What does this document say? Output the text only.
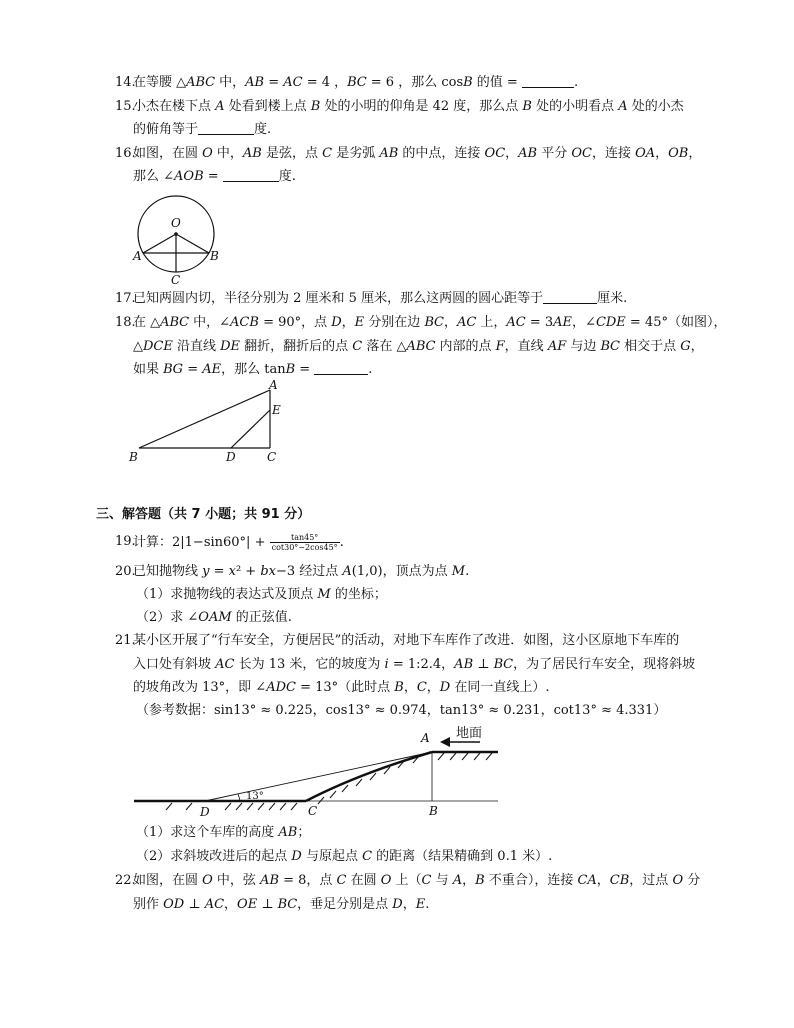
14.
在等腰 △𝐴𝐵𝐶 中，𝐴𝐵 = 𝐴𝐶 = 4 ，𝐵𝐶 = 6 ，那么 cos𝐵 的值 =	.
15.
小杰在楼下点 𝐴 处看到楼上点 𝐵 处的小明的仰角是 42 度，那么点 𝐵 处的小明看点 𝐴 处的小杰
的俯角等于	度.
16.
如图，在圆 𝑂 中，𝐴𝐵 是弦，点 𝐶 是劣弧 𝐴𝐵 的中点，连接 𝑂𝐶，𝐴𝐵 平分 𝑂𝐶，连接 𝑂𝐴，𝑂𝐵，
那么 ∠𝐴𝑂𝐵 =	度.
O
A	B
C
17.
已知两圆内切，半径分别为 2 厘米和 5 厘米，那么这两圆的圆心距等于	厘米.
18.
在 △𝐴𝐵𝐶 中，∠𝐴𝐶𝐵 = 90°，点 𝐷，𝐸 分别在边 𝐵𝐶，𝐴𝐶 上，𝐴𝐶 = 3𝐴𝐸，∠𝐶𝐷𝐸 = 45°（如图），
△𝐷𝐶𝐸 沿直线 𝐷𝐸 翻折，翻折后的点 𝐶 落在 △𝐴𝐵𝐶 内部的点 𝐹，直线 𝐴𝐹 与边 𝐵𝐶 相交于点 𝐺，
如果 𝐵𝐺 = 𝐴𝐸，那么 tan𝐵 =	.
A
E
B	D	C
三、解答题（共 7 小题；共 91 分）
19.
计算：$2|1-\sin 60^\circ| + \frac{\tan 45^\circ}{\cot 30^\circ-2\cos 45^\circ}$ .
20.
已知抛物线 𝑦 = 𝑥² + 𝑏𝑥−3 经过点 𝐴(1,0)，顶点为点 𝑀.
（1）求抛物线的表达式及顶点 𝑀 的坐标；
（2）求 ∠𝑂𝐴𝑀 的正弦值.
21.
某小区开展了“行车安全，方便居民”的活动，对地下车库作了改进．如图，这小区原地下车库的
入口处有斜坡 𝐴𝐶 长为 13 米，它的坡度为 𝑖 = 1:2.4，𝐴𝐵 ⊥ 𝐵𝐶，为了居民行车安全，现将斜坡
的坡角改为 13°，即 ∠𝐴𝐷𝐶 = 13°（此时点 𝐵，𝐶，𝐷 在同一直线上）.
（参考数据：sin13° ≈ 0.225，cos13° ≈ 0.974，tan13° ≈ 0.231，cot13° ≈ 4.331）
A 地面
13°
D	C	B
（1）求这个车库的高度 𝐴𝐵；
（2）求斜坡改进后的起点 𝐷 与原起点 𝐶 的距离（结果精确到 0.1 米）.
22.
如图，在圆 𝑂 中，弦 𝐴𝐵 = 8，点 𝐶 在圆 𝑂 上（𝐶 与 𝐴，𝐵 不重合），连接 𝐶𝐴，𝐶𝐵，过点 𝑂 分
别作 𝑂𝐷 ⊥ 𝐴𝐶，𝑂𝐸 ⊥ 𝐵𝐶，垂足分别是点 𝐷，𝐸.
